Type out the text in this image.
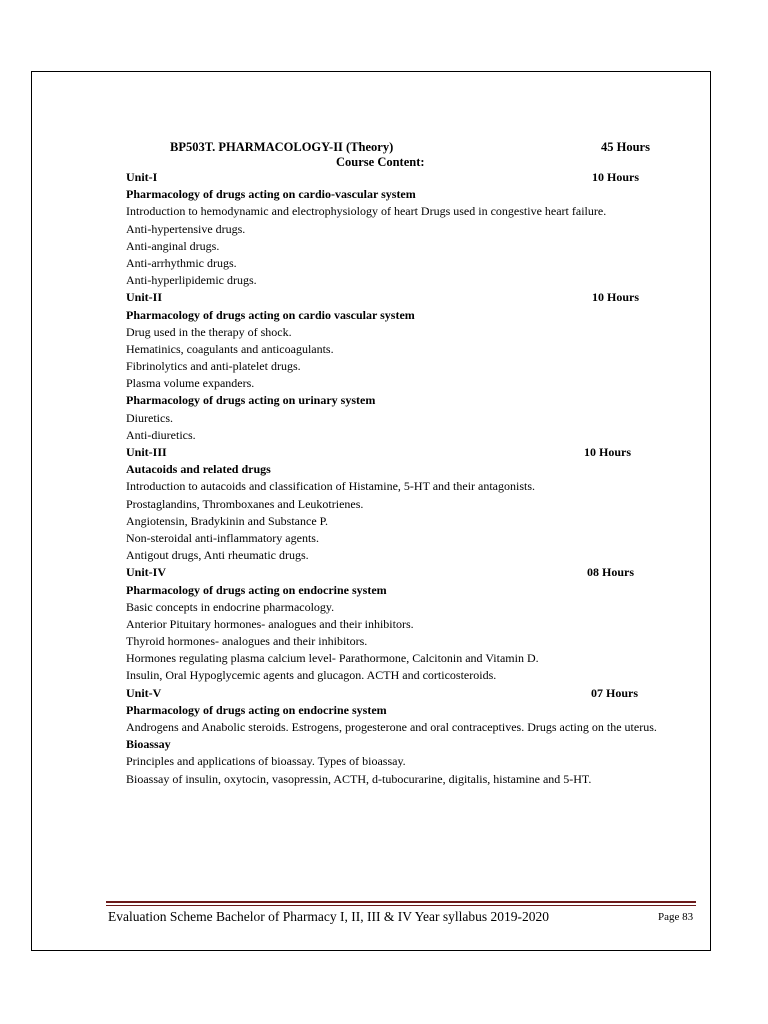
BP503T. PHARMACOLOGY-II (Theory)	45 Hours
Course Content:
Unit-I	10 Hours
Pharmacology of drugs acting on cardio-vascular system
Introduction to hemodynamic and electrophysiology of heart Drugs used in congestive heart failure.
Anti-hypertensive drugs.
Anti-anginal drugs.
Anti-arrhythmic drugs.
Anti-hyperlipidemic drugs.
Unit-II	10 Hours
Pharmacology of drugs acting on cardio vascular system
Drug used in the therapy of shock.
Hematinics, coagulants and anticoagulants.
Fibrinolytics and anti-platelet drugs.
Plasma volume expanders.
Pharmacology of drugs acting on urinary system
Diuretics.
Anti-diuretics.
Unit-III	10 Hours
Autacoids and related drugs
Introduction to autacoids and classification of Histamine, 5-HT and their antagonists.
Prostaglandins, Thromboxanes and Leukotrienes.
Angiotensin, Bradykinin and Substance P.
Non-steroidal anti-inflammatory agents.
Antigout drugs, Anti rheumatic drugs.
Unit-IV	08 Hours
Pharmacology of drugs acting on endocrine system
Basic concepts in endocrine pharmacology.
Anterior Pituitary hormones- analogues and their inhibitors.
Thyroid hormones- analogues and their inhibitors.
Hormones regulating plasma calcium level- Parathormone, Calcitonin and Vitamin D.
Insulin, Oral Hypoglycemic agents and glucagon. ACTH and corticosteroids.
Unit-V	07 Hours
Pharmacology of drugs acting on endocrine system
Androgens and Anabolic steroids. Estrogens, progesterone and oral contraceptives. Drugs acting on the uterus.
Bioassay
Principles and applications of bioassay. Types of bioassay.
Bioassay of insulin, oxytocin, vasopressin, ACTH, d-tubocurarine, digitalis, histamine and 5-HT.
Evaluation Scheme Bachelor of Pharmacy I, II, III & IV Year syllabus 2019-2020	Page 83
